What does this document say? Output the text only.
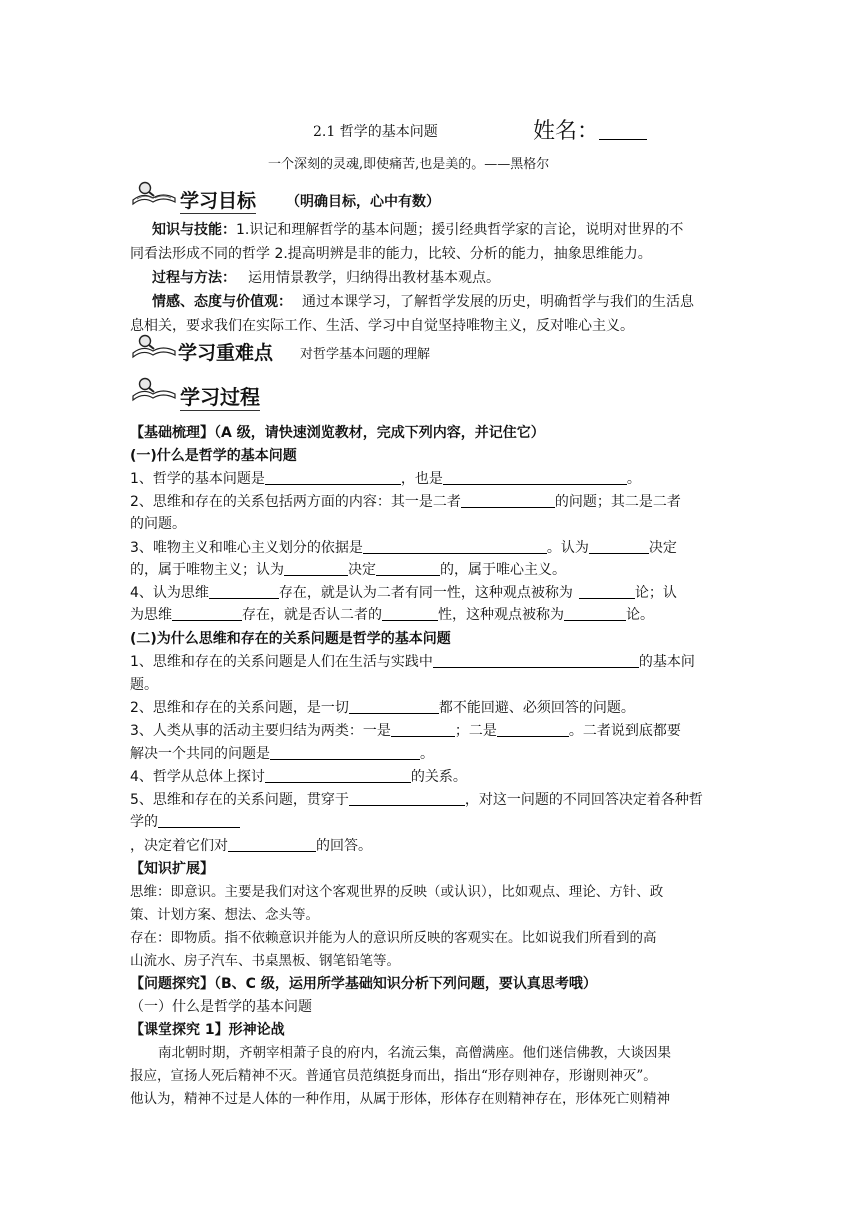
2.1 哲学的基本问题	姓名：
一个深刻的灵魂,即使痛苦,也是美的。——黑格尔
学习目标 （明确目标，心中有数）
知识与技能：1.识记和理解哲学的基本问题；援引经典哲学家的言论，说明对世界的不
同看法形成不同的哲学 2.提高明辨是非的能力，比较、分析的能力，抽象思维能力。
过程与方法： 运用情景教学，归纳得出教材基本观点。
情感、态度与价值观： 通过本课学习，了解哲学发展的历史，明确哲学与我们的生活息
息相关，要求我们在实际工作、生活、学习中自觉坚持唯物主义，反对唯心主义。
学习重难点 对哲学基本问题的理解
学习过程
【基础梳理】（A 级，请快速浏览教材，完成下列内容，并记住它）
(一)什么是哲学的基本问题
1、哲学的基本问题是	，也是	。
2、思维和存在的关系包括两方面的内容：其一是二者	的问题；其二是二者
的问题。
3、唯物主义和唯心主义划分的依据是	。认为	决定
的，属于唯物主义；认为	决定	的，属于唯心主义。
4、认为思维	存在，就是认为二者有同一性，这种观点被称为	论；认
为思维	存在，就是否认二者的	性，这种观点被称为	论。
(二)为什么思维和存在的关系问题是哲学的基本问题
1、思维和存在的关系问题是人们在生活与实践中	的基本问
题。
2、思维和存在的关系问题，是一切	都不能回避、必须回答的问题。
3、人类从事的活动主要归结为两类：一是	；二是	。二者说到底都要
解决一个共同的问题是	。
4、哲学从总体上探讨	的关系。
5、思维和存在的关系问题，贯穿于	，对这一问题的不同回答决定着各种哲
学的
，决定着它们对	的回答。
【知识扩展】
思维：即意识。主要是我们对这个客观世界的反映（或认识），比如观点、理论、方针、政
策、计划方案、想法、念头等。
存在：即物质。指不依赖意识并能为人的意识所反映的客观实在。比如说我们所看到的高
山流水、房子汽车、书桌黑板、钢笔铅笔等。
【问题探究】（B、C 级，运用所学基础知识分析下列问题，要认真思考哦）
（一）什么是哲学的基本问题
【课堂探究 1】形神论战
南北朝时期，齐朝宰相萧子良的府内，名流云集，高僧满座。他们迷信佛教，大谈因果
报应，宣扬人死后精神不灭。普通官员范缜挺身而出，指出“形存则神存，形谢则神灭”。
他认为，精神不过是人体的一种作用，从属于形体，形体存在则精神存在，形体死亡则精神
